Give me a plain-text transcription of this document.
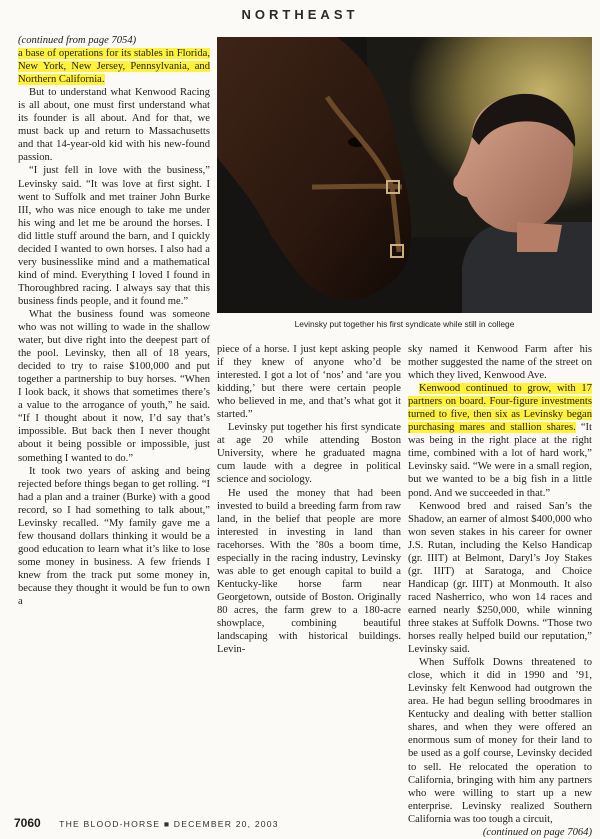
NORTHEAST
(continued from page 7054)

a base of operations for its stables in Florida, New York, New Jersey, Pennsylvania, and Northern California.

But to understand what Kenwood Racing is all about, one must first understand what its founder is all about. And for that, we must back up and return to Massachusetts and that 14-year-old kid with his new-found passion.

“I just fell in love with the business,” Levinsky said. “It was love at first sight. I went to Suffolk and met trainer John Burke III, who was nice enough to take me under his wing and let me be around the horses. I did little stuff around the barn, and I quickly decided I wanted to own horses. I also had a very businesslike mind and a mathematical kind of mind. Everything I loved I found in Thoroughbred racing. I always say that this business finds people, and it found me.”

What the business found was someone who was not willing to wade in the shallow water, but dive right into the deepest part of the pool. Levinsky, then all of 18 years, decided to try to raise $100,000 and put together a partnership to buy horses. “When I look back, it shows that sometimes there’s a value to the arrogance of youth,” he said. “If I thought about it now, I’d say that’s impossible. But back then I never thought about it being possible or impossible, just something I wanted to do.”

It took two years of asking and being rejected before things began to get rolling. “I had a plan and a trainer (Burke) with a good record, so I had something to talk about,” Levinsky recalled. “My family gave me a few thousand dollars thinking it would be a good education to learn what it’s like to lose some money in business. A few friends I knew from the track put some money in, because they thought it would be fun to own a

Levinsky put together his first syndicate while still in college

piece of a horse. I just kept asking people if they knew of anyone who’d be interested. I got a lot of ‘nos’ and ‘are you kidding,’ but there were certain people who believed in me, and that’s what got it started.”

Levinsky put together his first syndicate at age 20 while attending Boston University, where he graduated magna cum laude with a degree in political science and sociology.

He used the money that had been invested to build a breeding farm from raw land, in the belief that people are more interested in investing in land than racehorses. With the ’80s a boom time, especially in the racing industry, Levinsky was able to get enough capital to build a Kentucky-like horse farm near Georgetown, outside of Boston. Originally 80 acres, the farm grew to a 180-acre showplace, combining beautiful landscaping with historical buildings. Levin-

sky named it Kenwood Farm after his mother suggested the name of the street on which they lived, Kenwood Ave.

Kenwood continued to grow, with 17 partners on board. Four-figure investments turned to five, then six as Levinsky began purchasing mares and stallion shares. “It was being in the right place at the right time, combined with a lot of hard work,” Levinsky said. “We were in a small region, but we wanted to be a big fish in a little pond. And we succeeded in that.”

Kenwood bred and raised San’s the Shadow, an earner of almost $400,000 who won seven stakes in his career for owner J.S. Rutan, including the Kelso Handicap (gr. IIIT) at Belmont, Daryl’s Joy Stakes (gr. IIIT) at Saratoga, and Choice Handicap (gr. IIIT) at Monmouth. It also raced Nasherrico, who won 14 races and earned nearly $250,000, while winning three stakes at Suffolk Downs. “Those two horses really helped build our reputation,” Levinsky said.

When Suffolk Downs threatened to close, which it did in 1990 and ’91, Levinsky felt Kenwood had outgrown the area. He had begun selling broodmares in Kentucky and dealing with better stallion shares, and when they were offered an enormous sum of money for their land to be used as a golf course, Levinsky decided to sell. He relocated the operation to California, bringing with him any partners who were willing to start up a new enterprise. Levinsky realized Southern California was too tough a circuit,

(continued on page 7064)
7060 THE BLOOD-HORSE ■ DECEMBER 20, 2003
